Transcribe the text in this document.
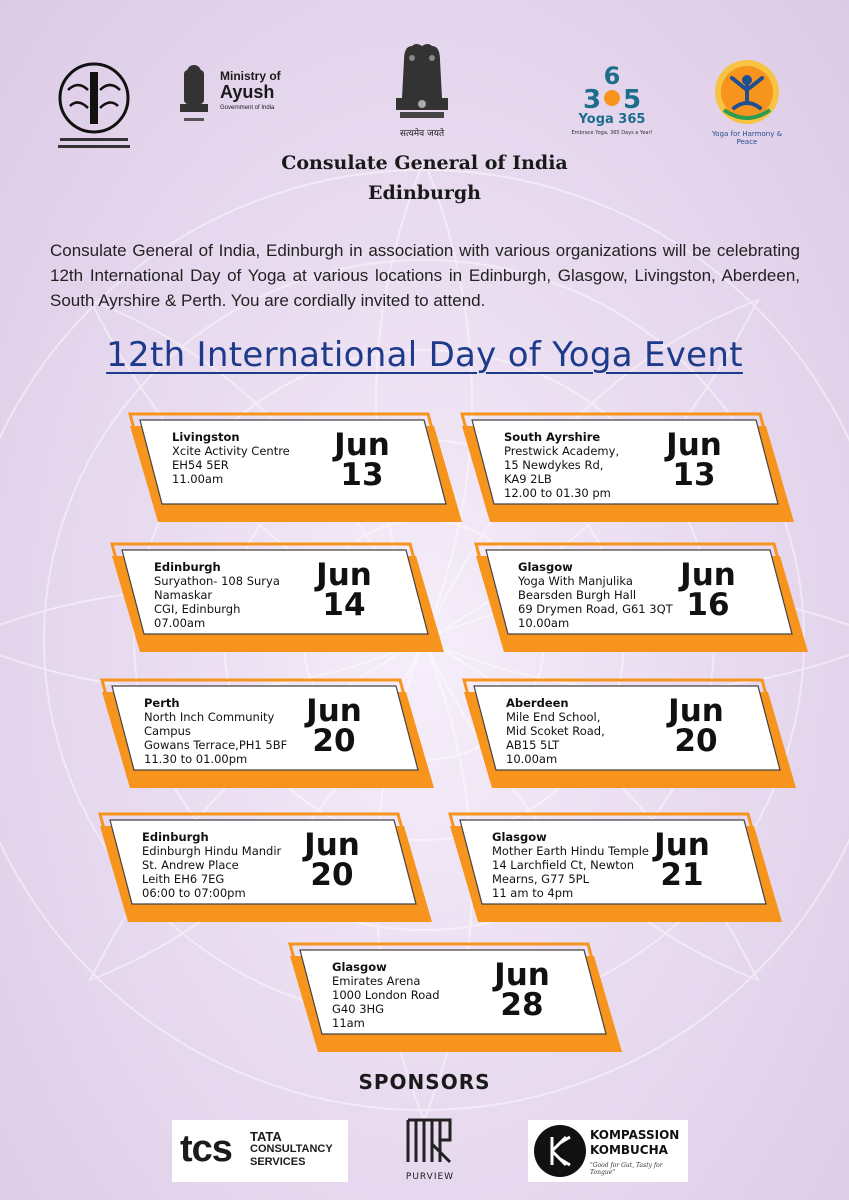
Ministry of
Ayush
Government of India
सत्यमेव जयते
6
3 5
Yoga 365
Embrace Yoga, 365 Days a Year!	Yoga for Harmony & Peace
Consulate General of India
Edinburgh
Consulate General of India, Edinburgh in association with various organizations will be celebrating 12th International Day of Yoga at various locations in Edinburgh, Glasgow, Livingston, Aberdeen, South Ayrshire & Perth. You are cordially invited to attend.
12th International Day of Yoga Event
Livingston
Xcite Activity Centre
EH54 5ER
11.00am
Jun
13
South Ayrshire
Prestwick Academy,
15 Newdykes Rd,
KA9 2LB
12.00 to 01.30 pm
Jun
13
Edinburgh
Suryathon- 108 Surya
Namaskar
CGI, Edinburgh
07.00am
Jun
14
Glasgow
Yoga With Manjulika
Bearsden Burgh Hall
69 Drymen Road, G61 3QT
10.00am
Jun
16
Perth
North Inch Community
Campus
Gowans Terrace,PH1 5BF
11.30 to 01.00pm
Jun
20
Aberdeen
Mile End School,
Mid Scoket Road,
AB15 5LT
10.00am
Jun
20
Edinburgh
Edinburgh Hindu Mandir
St. Andrew Place
Leith EH6 7EG
06:00 to 07:00pm
Jun
20
Glasgow
Mother Earth Hindu Temple
14 Larchfield Ct, Newton
Mearns, G77 5PL
11 am to 4pm
Jun
21
Glasgow
Emirates Arena
1000 London Road
G40 3HG
11am
Jun
28
SPONSORS
tcs TATA
CONSULTANCY
SERVICES
PURVIEW
KOMPASSION
KOMBUCHA
"Good for Gut, Tasty for Tongue"
